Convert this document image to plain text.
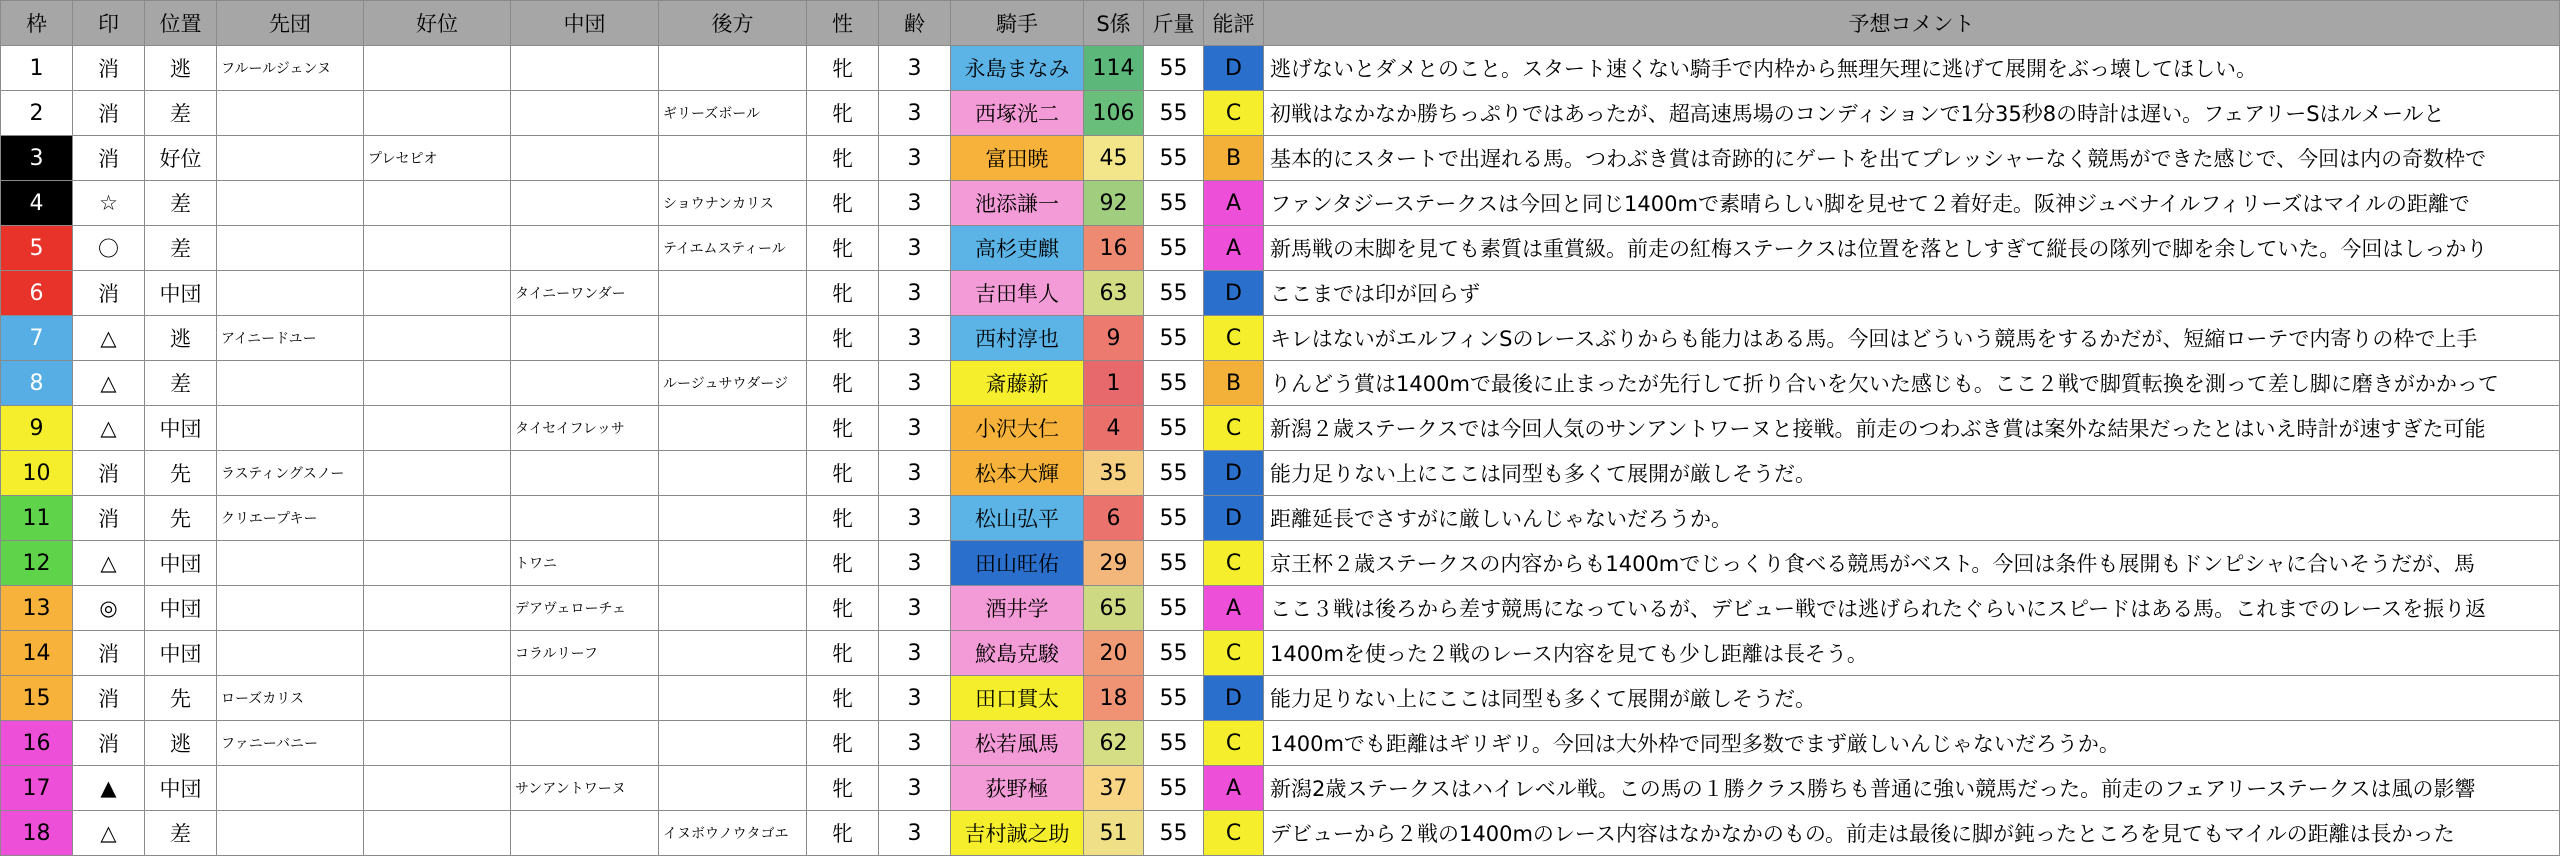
枠	印	位置	先団	好位	中団	後方	性	齢	騎手	S係	斤量	能評	予想コメント
1	消	逃	フルールジェンヌ				牝	3	永島まなみ	114	55	D	逃げないとダメとのこと。スタート速くない騎手で内枠から無理矢理に逃げて展開をぶっ壊してほしい。
2	消	差				ギリーズボール	牝	3	西塚洸二	106	55	C	初戦はなかなか勝ちっぷりではあったが、超高速馬場のコンディションで1分35秒8の時計は遅い。フェアリーSはルメールと
3	消	好位		プレセピオ			牝	3	富田暁	45	55	B	基本的にスタートで出遅れる馬。つわぶき賞は奇跡的にゲートを出てプレッシャーなく競馬ができた感じで、今回は内の奇数枠で
4	☆	差				ショウナンカリス	牝	3	池添謙一	92	55	A	ファンタジーステークスは今回と同じ1400mで素晴らしい脚を見せて２着好走。阪神ジュベナイルフィリーズはマイルの距離で
5	〇	差				テイエムスティール	牝	3	高杉吏麒	16	55	A	新馬戦の末脚を見ても素質は重賞級。前走の紅梅ステークスは位置を落としすぎて縦長の隊列で脚を余していた。今回はしっかり
6	消	中団			タイニーワンダー		牝	3	吉田隼人	63	55	D	ここまでは印が回らず
7	△	逃	アイニードユー				牝	3	西村淳也	9	55	C	キレはないがエルフィンSのレースぶりからも能力はある馬。今回はどういう競馬をするかだが、短縮ローテで内寄りの枠で上手
8	△	差				ルージュサウダージ	牝	3	斎藤新	1	55	B	りんどう賞は1400mで最後に止まったが先行して折り合いを欠いた感じも。ここ２戦で脚質転換を測って差し脚に磨きがかかって
9	△	中団			タイセイフレッサ		牝	3	小沢大仁	4	55	C	新潟２歳ステークスでは今回人気のサンアントワーヌと接戦。前走のつわぶき賞は案外な結果だったとはいえ時計が速すぎた可能
10	消	先	ラスティングスノー				牝	3	松本大輝	35	55	D	能力足りない上にここは同型も多くて展開が厳しそうだ。
11	消	先	クリエープキー				牝	3	松山弘平	6	55	D	距離延長でさすがに厳しいんじゃないだろうか。
12	△	中団			トワニ		牝	3	田山旺佑	29	55	C	京王杯２歳ステークスの内容からも1400mでじっくり食べる競馬がベスト。今回は条件も展開もドンピシャに合いそうだが、馬
13	◎	中団			デアヴェローチェ		牝	3	酒井学	65	55	A	ここ３戦は後ろから差す競馬になっているが、デビュー戦では逃げられたぐらいにスピードはある馬。これまでのレースを振り返
14	消	中団			コラルリーフ		牝	3	鮫島克駿	20	55	C	1400mを使った２戦のレース内容を見ても少し距離は長そう。
15	消	先	ローズカリス				牝	3	田口貫太	18	55	D	能力足りない上にここは同型も多くて展開が厳しそうだ。
16	消	逃	ファニーバニー				牝	3	松若風馬	62	55	C	1400mでも距離はギリギリ。今回は大外枠で同型多数でまず厳しいんじゃないだろうか。
17	▲	中団			サンアントワーヌ		牝	3	荻野極	37	55	A	新潟2歳ステークスはハイレベル戦。この馬の１勝クラス勝ちも普通に強い競馬だった。前走のフェアリーステークスは風の影響
18	△	差				イヌボウノウタゴエ	牝	3	吉村誠之助	51	55	C	デビューから２戦の1400mのレース内容はなかなかのもの。前走は最後に脚が鈍ったところを見てもマイルの距離は長かった
